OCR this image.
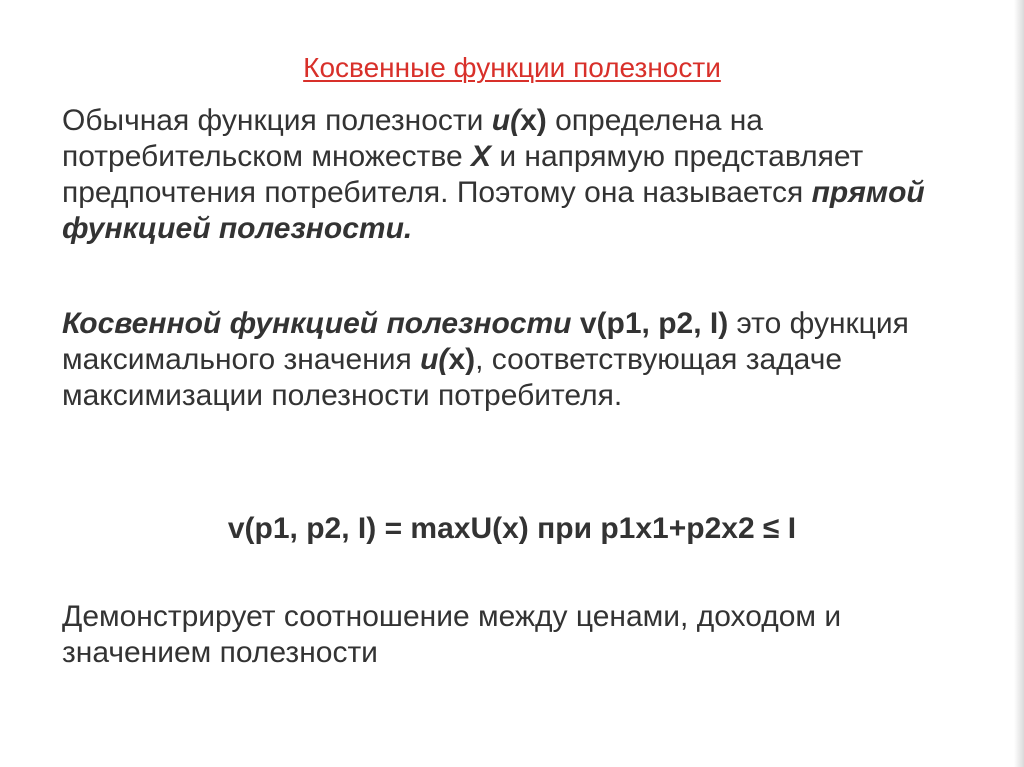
Косвенные функции полезности

Обычная функция полезности u(x) определена на потребительском множестве X и напрямую представляет предпочтения потребителя. Поэтому она называется прямой функцией полезности.

Косвенной функцией полезности v(p1, p2, I) это функция максимального значения u(x), соответствующая задаче максимизации полезности потребителя.

v(p1, p2, I) = maxU(x) при p1x1+p2x2 ≤ I

Демонстрирует соотношение между ценами, доходом и значением полезности
